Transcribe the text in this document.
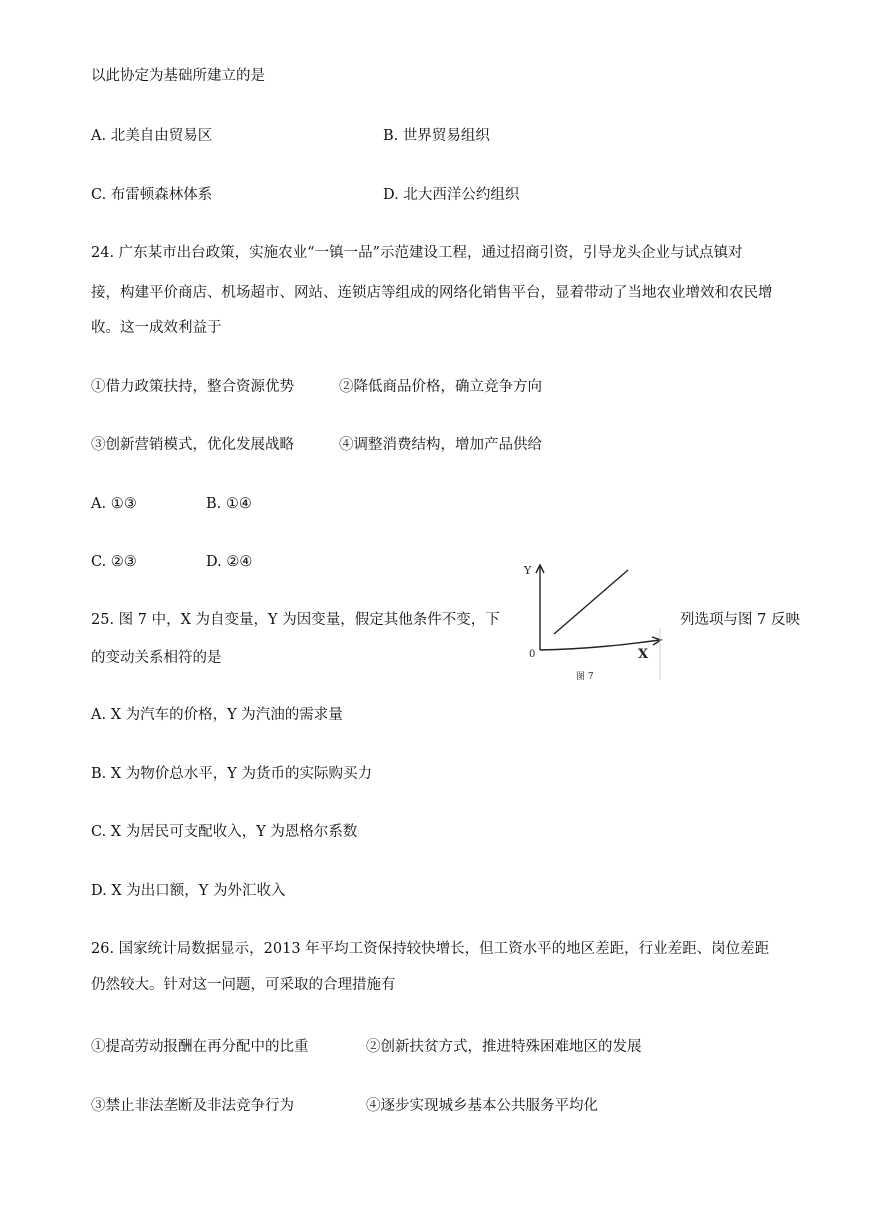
以此协定为基础所建立的是
A. 北美自由贸易区	B. 世界贸易组织
C. 布雷顿森林体系	D. 北大西洋公约组织
24. 广东某市出台政策，实施农业“一镇一品”示范建设工程，通过招商引资，引导龙头企业与试点镇对
接，构建平价商店、机场超市、网站、连锁店等组成的网络化销售平台，显着带动了当地农业增效和农民增
收。这一成效利益于
①借力政策扶持，整合资源优势	②降低商品价格，确立竞争方向
③创新营销模式，优化发展战略	④调整消费结构，增加产品供给
A. ①③	B. ①④
C. ②③	D. ②④
25. 图 7 中，X 为自变量，Y 为因变量，假定其他条件不变，下	列选项与图 7 反映
的变动关系相符的是
Y
0	X
图 7
A. X 为汽车的价格，Y 为汽油的需求量
B. X 为物价总水平，Y 为货币的实际购买力
C. X 为居民可支配收入，Y 为恩格尔系数
D. X 为出口额，Y 为外汇收入
26. 国家统计局数据显示，2013 年平均工资保持较快增长，但工资水平的地区差距，行业差距、岗位差距
仍然较大。针对这一问题，可采取的合理措施有
①提高劳动报酬在再分配中的比重	②创新扶贫方式，推进特殊困难地区的发展
③禁止非法垄断及非法竞争行为	④逐步实现城乡基本公共服务平均化
